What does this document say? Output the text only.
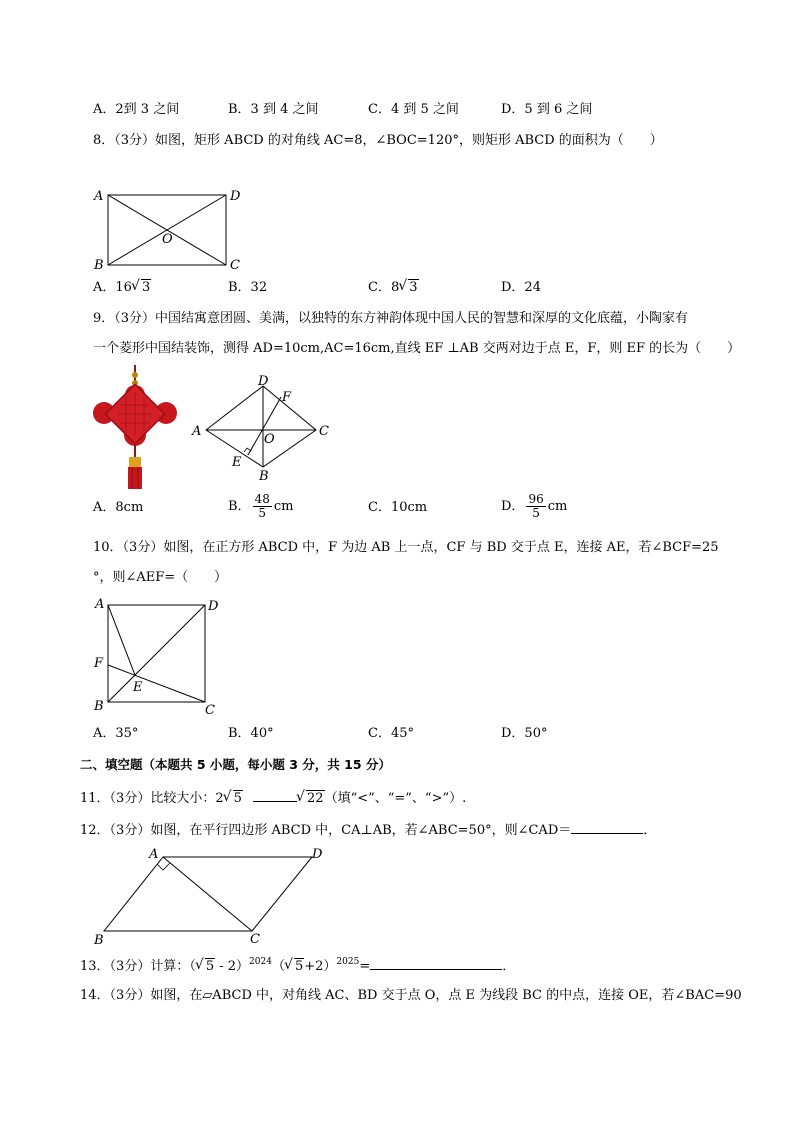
A．2到 3 之间	B．3 到 4 之间	C．4 到 5 之间	D．5 到 6 之间
8．（3分）如图，矩形 ABCD 的对角线 AC=8，∠BOC=120°，则矩形 ABCD 的面积为（　　）
A	D
B	C
O
A．16 √ 3	B．32	C．8 √ 3	D．24
9．（3分）中国结寓意团圆、美满，以独特的东方神韵体现中国人民的智慧和深厚的文化底蕴，小陶家有
一个菱形中国结装饰，测得 AD=10cm,AC=16cm,直线 EF ⊥AB 交两对边于点 E，F，则 EF 的长为（　　）
A
D
F
C
O
E
B
A．8cm	B． $\frac{48}{5}$ cm	C．10cm	D． $\frac{96}{5}$ cm
10．（3分）如图，在正方形 ABCD 中，F 为边 AB 上一点，CF 与 BD 交于点 E，连接 AE，若∠BCF=25
°，则∠AEF=（　　）
A	D
F
E
B	C
A．35°	B．40°	C．45°	D．50°
二、填空题（本题共 5 小题，每小题 3 分，共 15 分）
11．（3分）比较大小：2 √ 5	√ 22（填“<”、“=”、“>”）.
12．（3分）如图，在平行四边形 ABCD 中，CA⊥AB，若∠ABC=50°，则∠CAD＝	．
A	D
B	C
13．（3分）计算：（ √ 5 - 2）$^{2024}$（ √ 5+2）$^{2025}$=	．
14．（3分）如图，在▱ABCD 中，对角线 AC、BD 交于点 O，点 E 为线段 BC 的中点，连接 OE，若∠BAC=90
